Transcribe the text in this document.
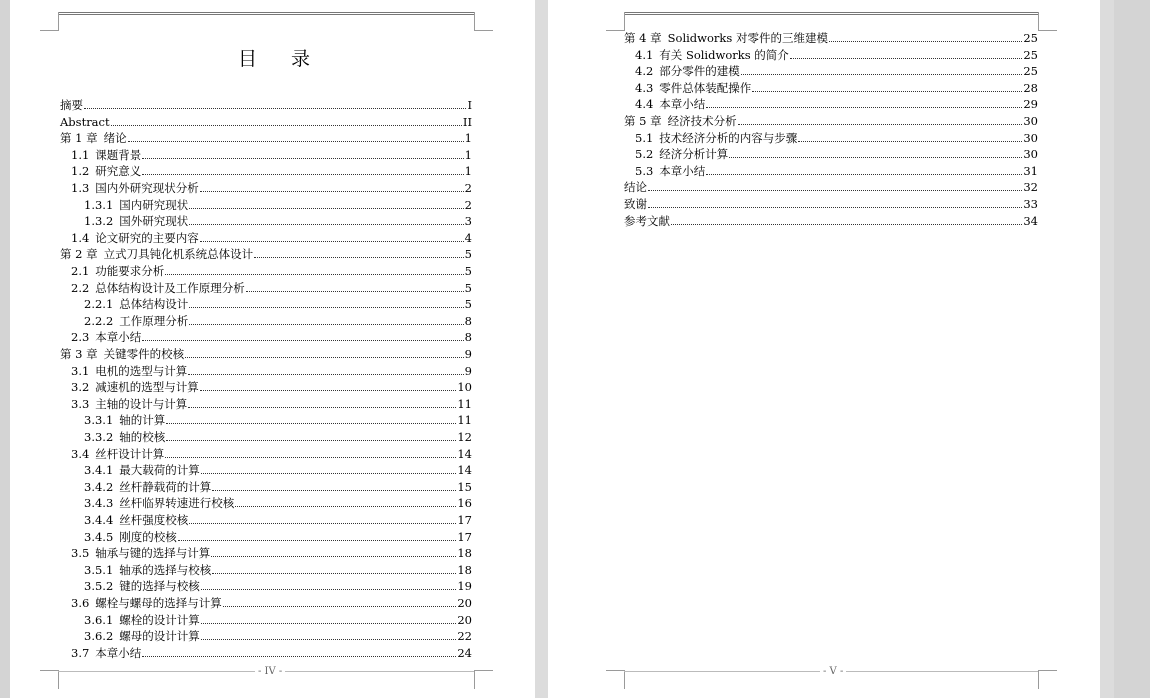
目 录
摘要	I
Abstract	II
第 1 章 绪论	1
1.1 课题背景	1
1.2 研究意义	1
1.3 国内外研究现状分析	2
1.3.1 国内研究现状	2
1.3.2 国外研究现状	3
1.4 论文研究的主要内容	4
第 2 章 立式刀具钝化机系统总体设计	5
2.1 功能要求分析	5
2.2 总体结构设计及工作原理分析	5
2.2.1 总体结构设计	5
2.2.2 工作原理分析	8
2.3 本章小结	8
第 3 章 关键零件的校核	9
3.1 电机的选型与计算	9
3.2 减速机的选型与计算	10
3.3 主轴的设计与计算	11
3.3.1 轴的计算	11
3.3.2 轴的校核	12
3.4 丝杆设计计算	14
3.4.1 最大载荷的计算	14
3.4.2 丝杆静载荷的计算	15
3.4.3 丝杆临界转速进行校核	16
3.4.4 丝杆强度校核	17
3.4.5 刚度的校核	17
3.5 轴承与键的选择与计算	18
3.5.1 轴承的选择与校核	18
3.5.2 键的选择与校核	19
3.6 螺栓与螺母的选择与计算	20
3.6.1 螺栓的设计计算	20
3.6.2 螺母的设计计算	22
3.7 本章小结	24
- IV -
第 4 章 Solidworks 对零件的三维建模	25
4.1 有关 Solidworks 的简介	25
4.2 部分零件的建模	25
4.3 零件总体装配操作	28
4.4 本章小结	29
第 5 章 经济技术分析	30
5.1 技术经济分析的内容与步骤	30
5.2 经济分析计算	30
5.3 本章小结	31
结论	32
致谢	33
参考文献	34
- V -
